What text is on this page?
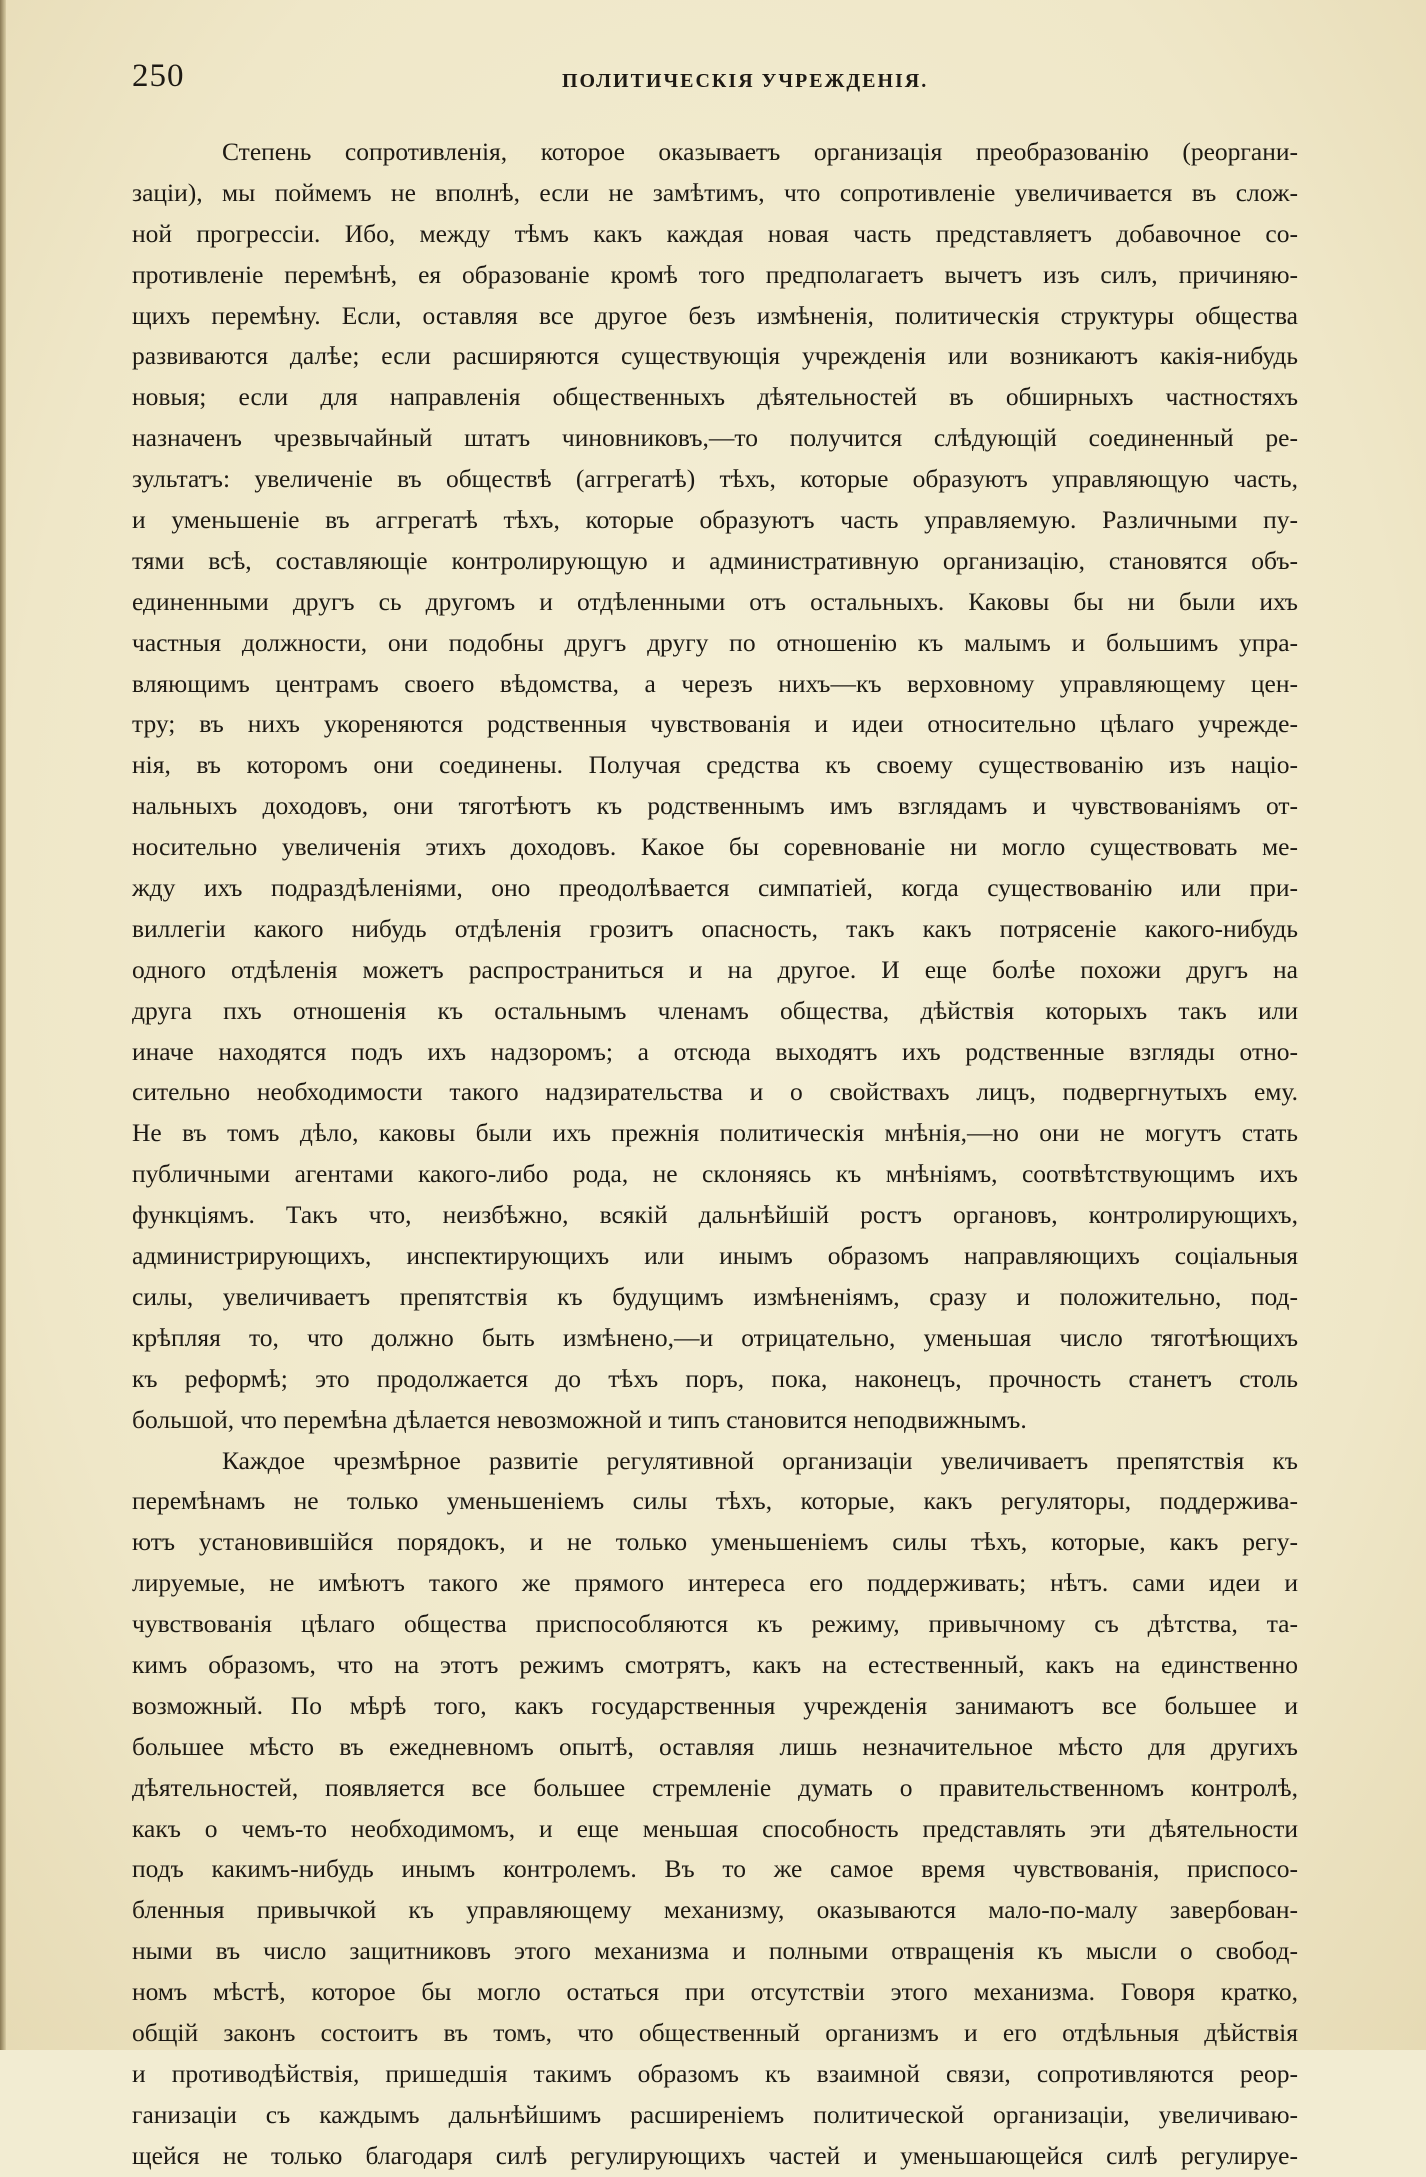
250	ПОЛИТИЧЕСКІЯ УЧРЕЖДЕНІЯ.
Степень сопротивленія, которое оказываетъ организація преобразованію (реоргани-
заціи), мы поймемъ не вполнѣ, если не замѣтимъ, что сопротивленіе увеличивается въ слож-
ной прогрессіи. Ибо, между тѣмъ какъ каждая новая часть представляетъ добавочное со-
противленіе перемѣнѣ, ея образованіе кромѣ того предполагаетъ вычетъ изъ силъ, причиняю-
щихъ перемѣну. Если, оставляя все другое безъ измѣненія, политическія структуры общества
развиваются далѣе; если расширяются существующія учрежденія или возникаютъ какія-нибудь
новыя; если для направленія общественныхъ дѣятельностей въ обширныхъ частностяхъ
назначенъ чрезвычайный штатъ чиновниковъ,—то получится слѣдующій соединенный ре-
зультатъ: увеличеніе въ обществѣ (аггрегатѣ) тѣхъ, которые образуютъ управляющую часть,
и уменьшеніе въ аггрегатѣ тѣхъ, которые образуютъ часть управляемую. Различными пу-
тями всѣ, составляющіе контролирующую и административную организацію, становятся объ-
единенными другъ сь другомъ и отдѣленными отъ остальныхъ. Каковы бы ни были ихъ
частныя должности, они подобны другъ другу по отношенію къ малымъ и большимъ упра-
вляющимъ центрамъ своего вѣдомства, а черезъ нихъ—къ верховному управляющему цен-
тру; въ нихъ укореняются родственныя чувствованія и идеи относительно цѣлаго учрежде-
нія, въ которомъ они соединены. Получая средства къ своему существованію изъ націо-
нальныхъ доходовъ, они тяготѣютъ къ родственнымъ имъ взглядамъ и чувствованіямъ от-
носительно увеличенія этихъ доходовъ. Какое бы соревнованіе ни могло существовать ме-
жду ихъ подраздѣленіями, оно преодолѣвается симпатіей, когда существованію или при-
виллегіи какого нибудь отдѣленія грозитъ опасность, такъ какъ потрясеніе какого-нибудь
одного отдѣленія можетъ распространиться и на другое. И еще болѣе похожи другъ на
друга пхъ отношенія къ остальнымъ членамъ общества, дѣйствія которыхъ такъ или
иначе находятся подъ ихъ надзоромъ; а отсюда выходятъ ихъ родственные взгляды отно-
сительно необходимости такого надзирательства и о свойствахъ лицъ, подвергнутыхъ ему.
Не въ томъ дѣло, каковы были ихъ прежнія политическія мнѣнія,—но они не могутъ стать
публичными агентами какого-либо рода, не склоняясь къ мнѣніямъ, соотвѣтствующимъ ихъ
функціямъ. Такъ что, неизбѣжно, всякій дальнѣйшій ростъ органовъ, контролирующихъ,
администрирующихъ, инспектирующихъ или инымъ образомъ направляющихъ соціальныя
силы, увеличиваетъ препятствія къ будущимъ измѣненіямъ, сразу и положительно, под-
крѣпляя то, что должно быть измѣнено,—и отрицательно, уменьшая число тяготѣющихъ
къ реформѣ; это продолжается до тѣхъ поръ, пока, наконецъ, прочность станетъ столь
большой, что перемѣна дѣлается невозможной и типъ становится неподвижнымъ.
Каждое чрезмѣрное развитіе регулятивной организаціи увеличиваетъ препятствія къ
перемѣнамъ не только уменьшеніемъ силы тѣхъ, которые, какъ регуляторы, поддержива-
ютъ установившійся порядокъ, и не только уменьшеніемъ силы тѣхъ, которые, какъ регу-
лируемые, не имѣютъ такого же прямого интереса его поддерживать; нѣтъ. сами идеи и
чувствованія цѣлаго общества приспособляются къ режиму, привычному съ дѣтства, та-
кимъ образомъ, что на этотъ режимъ смотрятъ, какъ на естественный, какъ на единственно
возможный. По мѣрѣ того, какъ государственныя учрежденія занимаютъ все большее и
большее мѣсто въ ежедневномъ опытѣ, оставляя лишь незначительное мѣсто для другихъ
дѣятельностей, появляется все большее стремленіе думать о правительственномъ контролѣ,
какъ о чемъ-то необходимомъ, и еще меньшая способность представлять эти дѣятельности
подъ какимъ-нибудь инымъ контролемъ. Въ то же самое время чувствованія, приспосо-
бленныя привычкой къ управляющему механизму, оказываются мало-по-малу завербован-
ными въ число защитниковъ этого механизма и полными отвращенія къ мысли о свобод-
номъ мѣстѣ, которое бы могло остаться при отсутствіи этого механизма. Говоря кратко,
общій законъ состоитъ въ томъ, что общественный организмъ и его отдѣльныя дѣйствія
и противодѣйствія, пришедшія такимъ образомъ къ взаимной связи, сопротивляются реор-
ганизаціи съ каждымъ дальнѣйшимъ расширеніемъ политической организаціи, увеличиваю-
щейся не только благодаря силѣ регулирующихъ частей и уменьшающейся силѣ регулируе-
